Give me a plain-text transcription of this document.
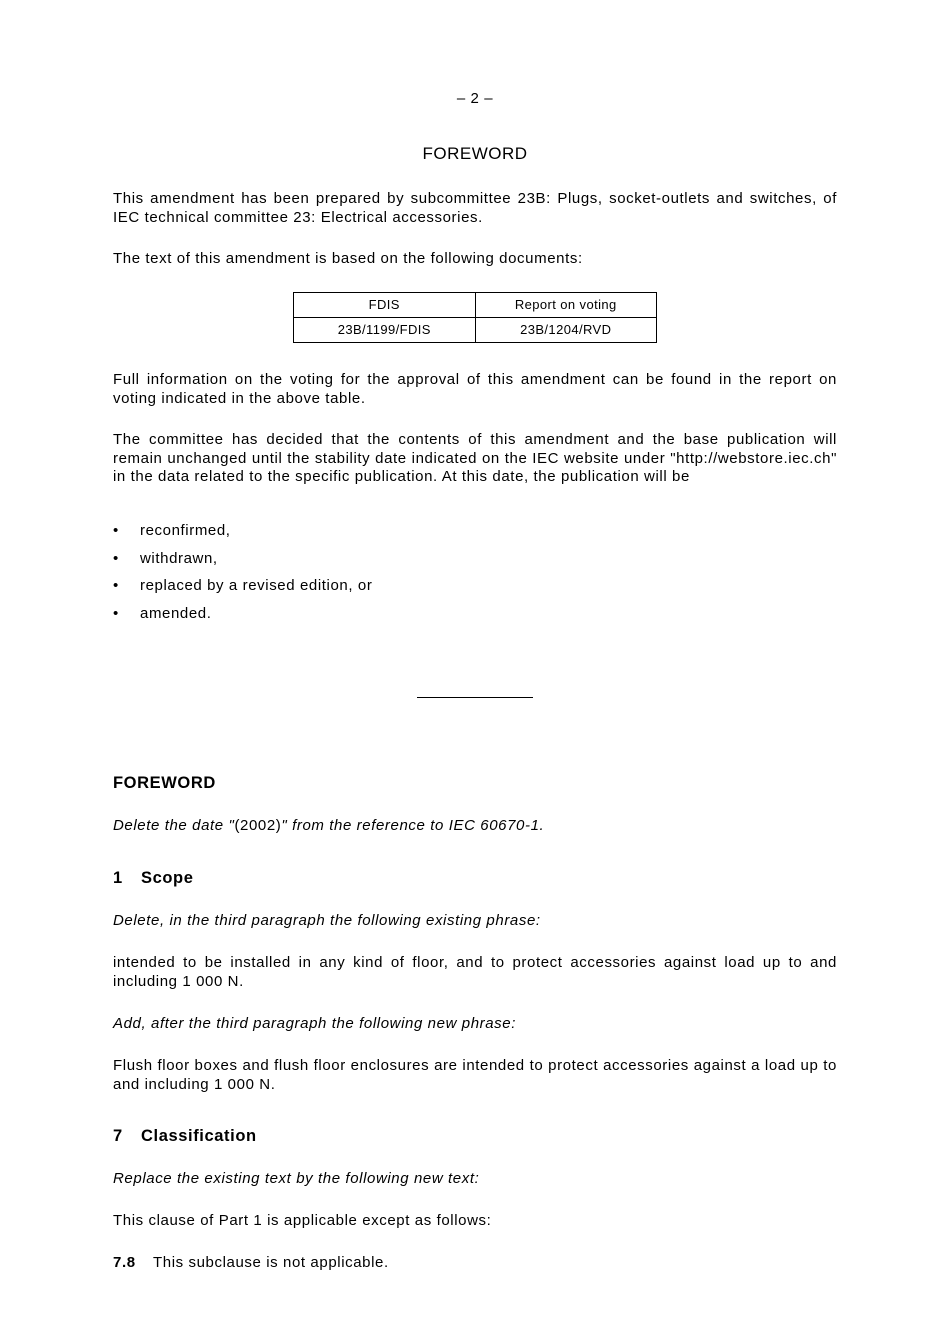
– 2 –

FOREWORD

This amendment has been prepared by subcommittee 23B: Plugs, socket-outlets and switches, of IEC technical committee 23: Electrical accessories.

The text of this amendment is based on the following documents:

FDIS	Report on voting
23B/1199/FDIS	23B/1204/RVD

Full information on the voting for the approval of this amendment can be found in the report on voting indicated in the above table.

The committee has decided that the contents of this amendment and the base publication will remain unchanged until the stability date indicated on the IEC website under "http://webstore.iec.ch" in the data related to the specific publication. At this date, the publication will be

• reconfirmed,
• withdrawn,
• replaced by a revised edition, or
• amended.

FOREWORD

Delete the date "(2002)" from the reference to IEC 60670-1.

1 Scope

Delete, in the third paragraph the following existing phrase:

intended to be installed in any kind of floor, and to protect accessories against load up to and including 1 000 N.

Add, after the third paragraph the following new phrase:

Flush floor boxes and flush floor enclosures are intended to protect accessories against a load up to and including 1 000 N.

7 Classification

Replace the existing text by the following new text:

This clause of Part 1 is applicable except as follows:

7.8 This subclause is not applicable.
